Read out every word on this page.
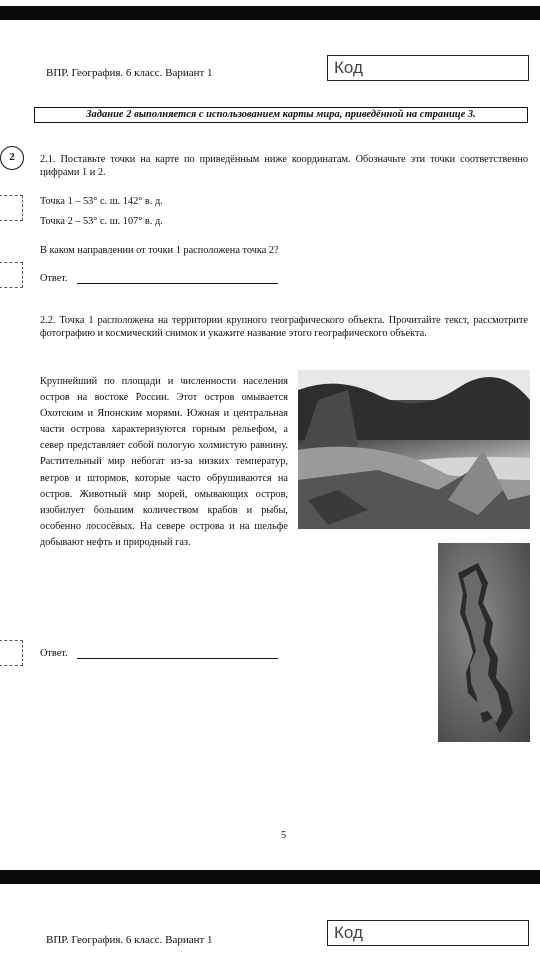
ВПР. География. 6 класс. Вариант 1	Код
Задание 2 выполняется с использованием карты мира, приведённой на странице 3.
2	2.1. Поставьте точки на карте по приведённым ниже координатам. Обозначьте эти точки соответственно цифрами 1 и 2.
Точка 1 – 53° с. ш. 142° в. д.
Точка 2 – 53° с. ш. 107° в. д.
В каком направлении от точки 1 расположена точка 2?
Ответ.
2.2. Точка 1 расположена на территории крупного географического объекта. Прочитайте текст, рассмотрите фотографию и космический снимок и укажите название этого географического объекта.
Крупнейший по площади и численности населения остров на востоке России. Этот остров омывается Охотским и Японским морями. Южная и центральная части острова характеризуются горным рельефом, а север представляет собой пологую холмистую равнину. Растительный мир небогат из-за низких температур, ветров и штормов, которые часто обрушиваются на остров. Животный мир морей, омывающих остров, изобилует большим количеством крабов и рыбы, особенно лососёвых. На севере острова и на шельфе добывают нефть и природный газ.
Ответ.
5
ВПР. География. 6 класс. Вариант 1	Код
